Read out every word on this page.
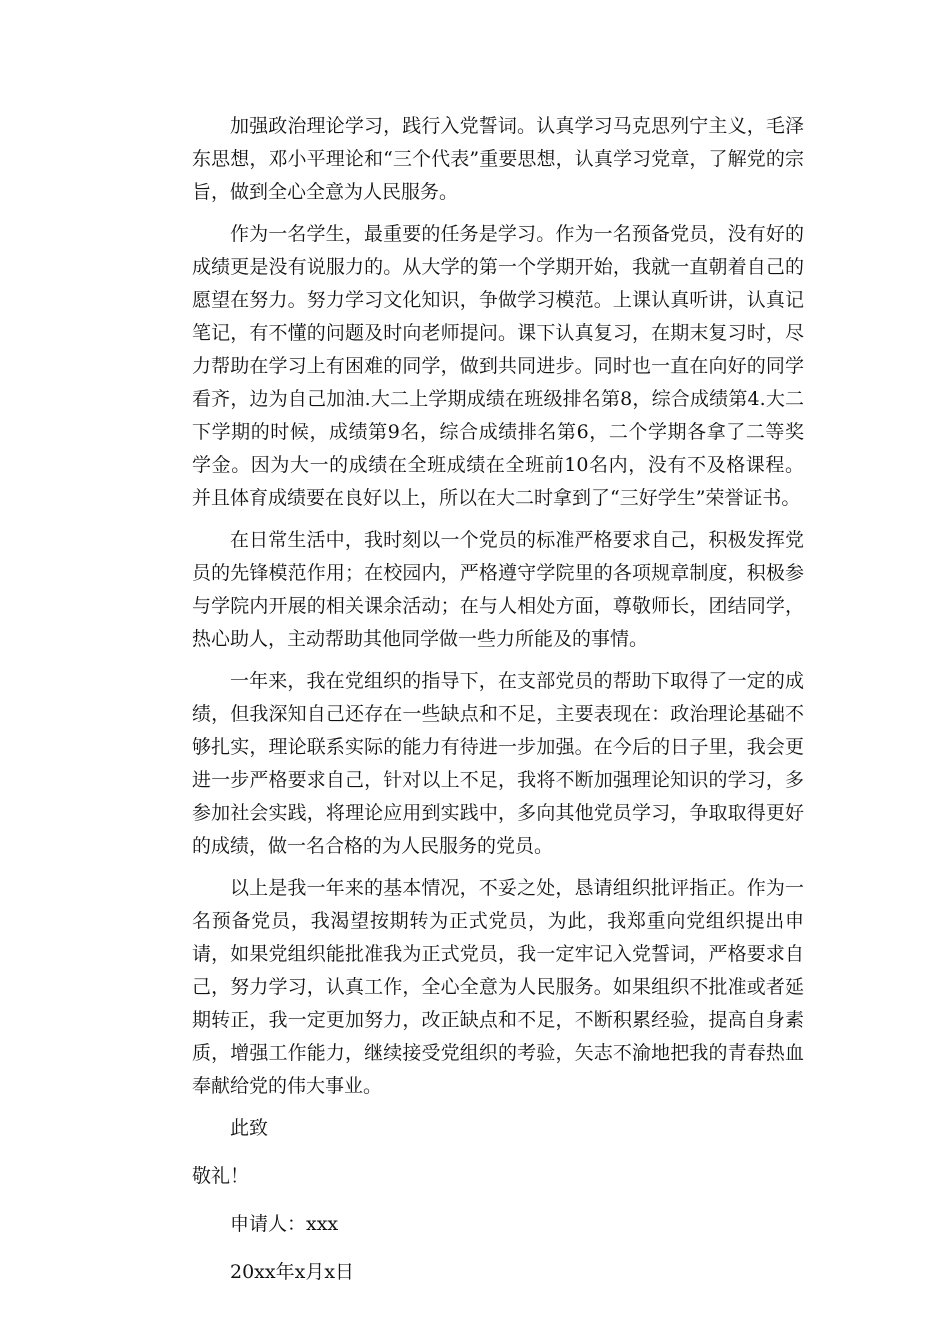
加强政治理论学习，践行入党誓词。认真学习马克思列宁主义，毛泽东思想，邓小平理论和“三个代表”重要思想，认真学习党章，了解党的宗旨，做到全心全意为人民服务。

作为一名学生，最重要的任务是学习。作为一名预备党员，没有好的成绩更是没有说服力的。从大学的第一个学期开始，我就一直朝着自己的愿望在努力。努力学习文化知识，争做学习模范。上课认真听讲，认真记笔记，有不懂的问题及时向老师提问。课下认真复习，在期末复习时，尽力帮助在学习上有困难的同学，做到共同进步。同时也一直在向好的同学看齐，边为自己加油.大二上学期成绩在班级排名第8，综合成绩第4.大二下学期的时候，成绩第9名，综合成绩排名第6，二个学期各拿了二等奖学金。因为大一的成绩在全班成绩在全班前10名内，没有不及格课程。并且体育成绩要在良好以上，所以在大二时拿到了“三好学生”荣誉证书。

在日常生活中，我时刻以一个党员的标准严格要求自己，积极发挥党员的先锋模范作用；在校园内，严格遵守学院里的各项规章制度，积极参与学院内开展的相关课余活动；在与人相处方面，尊敬师长，团结同学，热心助人，主动帮助其他同学做一些力所能及的事情。

一年来，我在党组织的指导下，在支部党员的帮助下取得了一定的成绩，但我深知自己还存在一些缺点和不足，主要表现在：政治理论基础不够扎实，理论联系实际的能力有待进一步加强。在今后的日子里，我会更进一步严格要求自己，针对以上不足，我将不断加强理论知识的学习，多参加社会实践，将理论应用到实践中，多向其他党员学习，争取取得更好的成绩，做一名合格的为人民服务的党员。

以上是我一年来的基本情况，不妥之处，恳请组织批评指正。作为一名预备党员，我渴望按期转为正式党员，为此，我郑重向党组织提出申请，如果党组织能批准我为正式党员，我一定牢记入党誓词，严格要求自己，努力学习，认真工作，全心全意为人民服务。如果组织不批准或者延期转正，我一定更加努力，改正缺点和不足，不断积累经验，提高自身素质，增强工作能力，继续接受党组织的考验，矢志不渝地把我的青春热血奉献给党的伟大事业。

此致
敬礼！
申请人：xxx
20xx年x月x日
